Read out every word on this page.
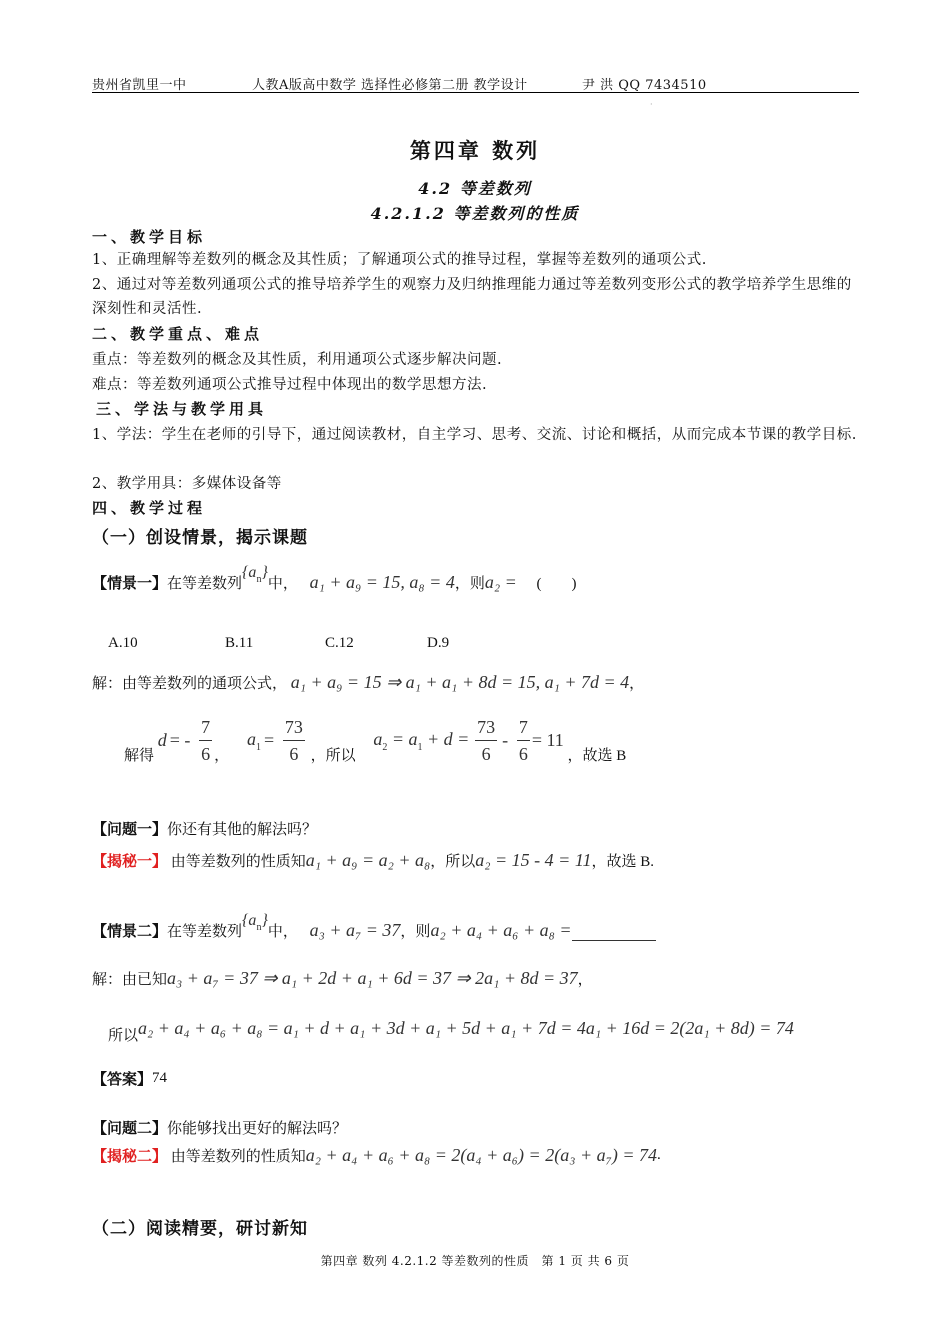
贵州省凯里一中	人教A版高中数学 选择性必修第二册 教学设计	尹 洪 QQ 7434510
·
第四章 数列
4.2 等差数列
4.2.1.2 等差数列的性质
一、教学目标
1、正确理解等差数列的概念及其性质；了解通项公式的推导过程，掌握等差数列的通项公式.
2、通过对等差数列通项公式的推导培养学生的观察力及归纳推理能力通过等差数列变形公式的教学培养学生思维的深刻性和灵活性.
二、教学重点、难点
重点：等差数列的概念及其性质，利用通项公式逐步解决问题.
难点：等差数列通项公式推导过程中体现出的数学思想方法.
三、学法与教学用具
1、学法：学生在老师的引导下，通过阅读教材，自主学习、思考、交流、讨论和概括，从而完成本节课的教学目标.
2、教学用具：多媒体设备等
四、教学过程
（一）创设情景，揭示课题
【情景一】在等差数列$\{a_n\}$中， a₁ + a₉ = 15, a₈ = 4，则a₂ = (　　)
A.10	B.11	C.12	D.9
解：由等差数列的通项公式， a₁ + a₉ = 15 ⇒ a₁ + a₁ + 8d = 15, a₁ + 7d = 4，
解得 d = - $\frac{7}{6}$ ， $a_1 = \frac{73}{6}$ ，所以 $a_2 = a_1 + d = \frac{73}{6} - \frac{7}{6} = 11$ ，故选 B
【问题一】你还有其他的解法吗？
【揭秘一】 由等差数列的性质知a₁ + a₉ = a₂ + a₈，所以a₂ = 15 - 4 = 11，故选 B.
【情景二】在等差数列$\{a_n\}$中， a₃ + a₇ = 37，则a₂ + a₄ + a₆ + a₈ =
解：由已知a₃ + a₇ = 37 ⇒ a₁ + 2d + a₁ + 6d = 37 ⇒ 2a₁ + 8d = 37，
所以a₂ + a₄ + a₆ + a₈ = a₁ + d + a₁ + 3d + a₁ + 5d + a₁ + 7d = 4a₁ + 16d = 2(2a₁ + 8d) = 74
【答案】74
【问题二】你能够找出更好的解法吗？
【揭秘二】 由等差数列的性质知a₂ + a₄ + a₆ + a₈ = 2(a₄ + a₆) = 2(a₃ + a₇) = 74.
（二）阅读精要，研讨新知
第四章 数列 4.2.1.2 等差数列的性质　第 1 页 共 6 页
